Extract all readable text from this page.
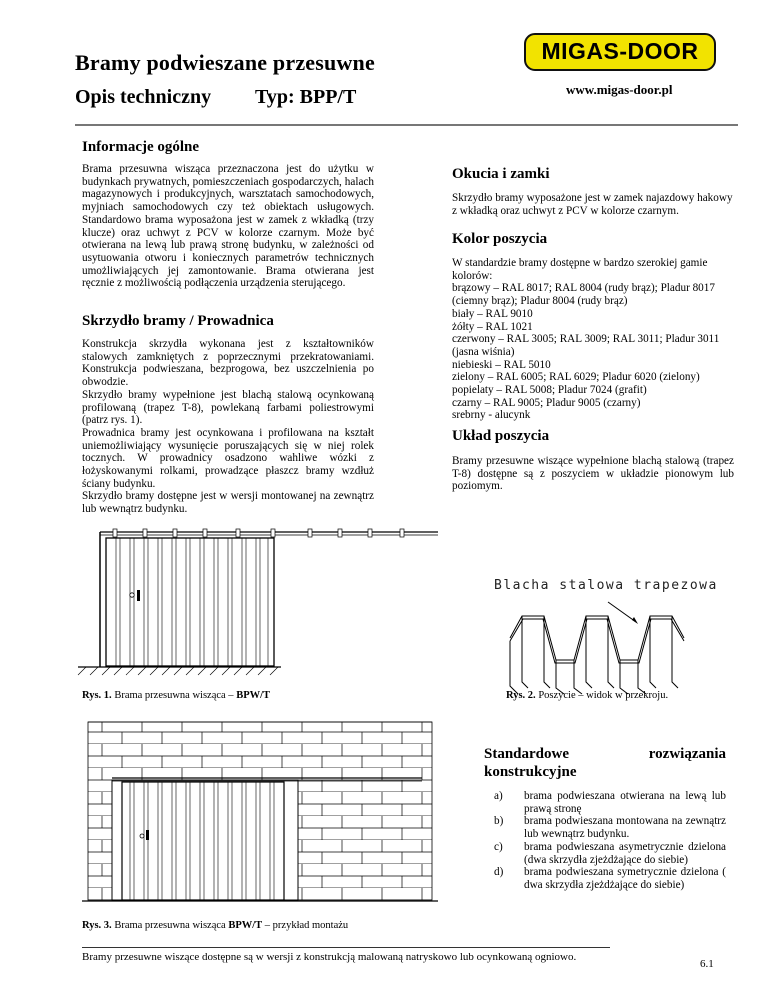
Bramy podwieszane przesuwne
Opis techniczny Typ: BPP/T
MIGAS-DOOR
www.migas-door.pl
Informacje ogólne

Brama przesuwna wisząca przeznaczona jest do użytku w budynkach prywatnych, pomieszczeniach gospodarczych, halach magazynowych i produkcyjnych, warsztatach samochodowych, myjniach samochodowych czy też obiektach usługowych. Standardowo brama wyposażona jest w zamek z wkładką (trzy klucze) oraz uchwyt z PCV w kolorze czarnym. Może być otwierana na lewą lub prawą stronę budynku, w zależności od usytuowania otworu i koniecznych parametrów technicznych umożliwiających jej zamontowanie. Brama otwierana jest ręcznie z możliwością podłączenia urządzenia sterującego.

Skrzydło bramy / Prowadnica

Konstrukcja skrzydła wykonana jest z kształtowników stalowych zamkniętych z poprzecznymi przekratowaniami. Konstrukcja podwieszana, bezprogowa, bez uszczelnienia po obwodzie.

Skrzydło bramy wypełnione jest blachą stalową ocynkowaną profilowaną (trapez T-8), powlekaną farbami poliestrowymi (patrz rys. 1).

Prowadnica bramy jest ocynkowana i profilowana na kształt uniemożliwiający wysunięcie poruszających się w niej rolek tocznych. W prowadnicy osadzono wahliwe wózki z łożyskowanymi rolkami, prowadzące płaszcz bramy wzdłuż ściany budynku.

Skrzydło bramy dostępne jest w wersji montowanej na zewnątrz lub wewnątrz budynku.

Okucia i zamki

Skrzydło bramy wyposażone jest w zamek najazdowy hakowy z wkładką oraz uchwyt z PCV w kolorze czarnym.

Kolor poszycia
W standardzie bramy dostępne w bardzo szerokiej gamie kolorów:
brązowy – RAL 8017; RAL 8004 (rudy brąz); Pladur 8017 (ciemny brąz); Pladur 8004 (rudy brąz)
biały – RAL 9010
żółty – RAL 1021
czerwony – RAL 3005; RAL 3009; RAL 3011; Pladur 3011 (jasna wiśnia)
niebieski – RAL 5010
zielony – RAL 6005; RAL 6029; Pladur 6020 (zielony)
popielaty – RAL 5008; Pladur 7024 (grafit)
czarny – RAL 9005; Pladur 9005 (czarny)
srebrny - alucynk
Układ poszycia

Bramy przesuwne wiszące wypełnione blachą stalową (trapez T-8) dostępne są z poszyciem w układzie pionowym lub poziomym.

Blacha stalowa trapezowa
Rys. 1. Brama przesuwna wisząca – BPW/T	Rys. 2. Poszycie – widok w przekroju.
Rys. 3. Brama przesuwna wisząca BPW/T – przykład montażu
Standardowe	rozwiązania
konstrukcyjne
a) brama podwieszana otwierana na lewą lub prawą stronę
b) brama podwieszana montowana na zewnątrz lub wewnątrz budynku.
c) brama podwieszana asymetrycznie dzielona (dwa skrzydła zjeżdżające do siebie)
d) brama podwieszana symetrycznie dzielona ( dwa skrzydła zjeżdżające do siebie)
Bramy przesuwne wiszące dostępne są w wersji z konstrukcją malowaną natryskowo lub ocynkowaną ogniowo.
6.1
